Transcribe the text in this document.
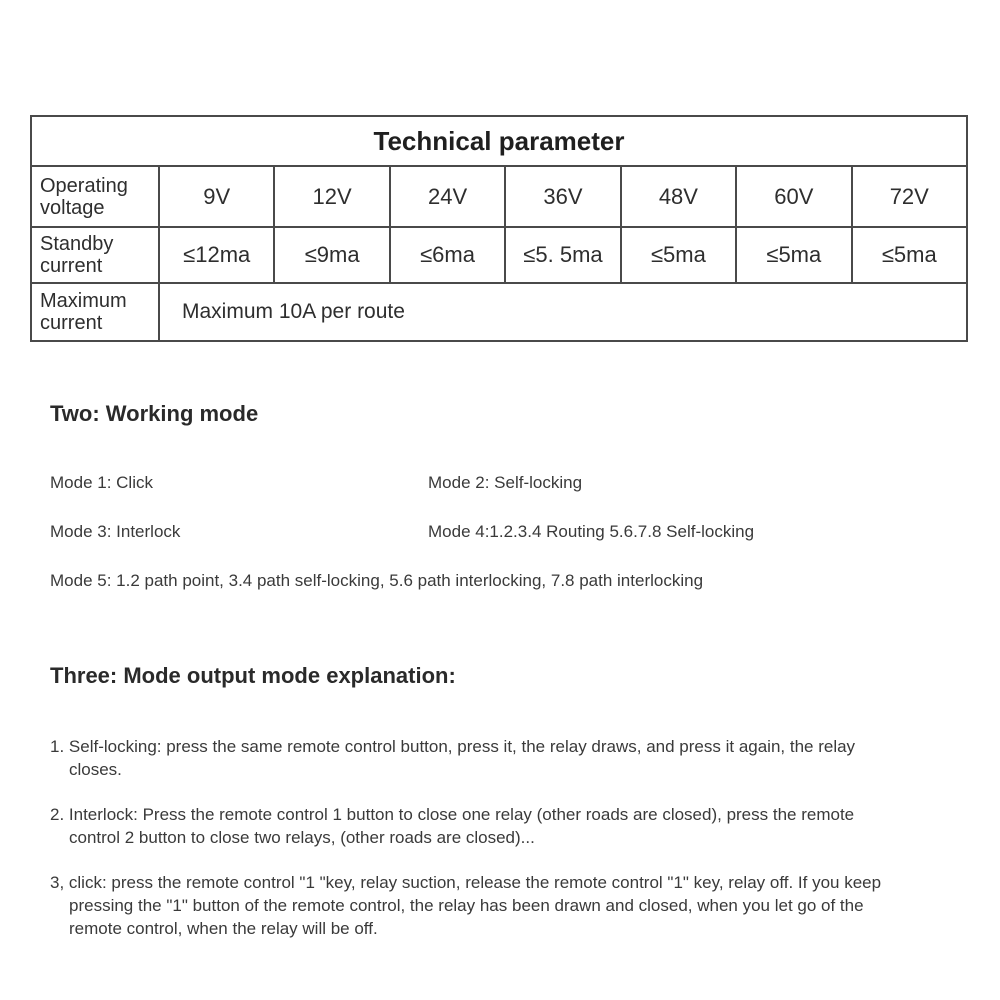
Technical parameter							
Operating voltage	9V	12V	24V	36V	48V	60V	72V
Standby current	≤12ma	≤9ma	≤6ma	≤5. 5ma	≤5ma	≤5ma	≤5ma
Maximum current	Maximum 10A per route						
Two: Working mode
Mode 1: Click	Mode 2: Self-locking
Mode 3: Interlock	Mode 4:1.2.3.4 Routing 5.6.7.8 Self-locking
Mode 5: 1.2 path point, 3.4 path self-locking, 5.6 path interlocking, 7.8 path interlocking
Three: Mode output mode explanation:
1. Self-locking: press the same remote control button, press it, the relay draws, and press it again, the relay closes.
2. Interlock: Press the remote control 1 button to close one relay (other roads are closed), press the remote control 2 button to close two relays, (other roads are closed)...
3, click: press the remote control "1 "key, relay suction, release the remote control "1" key, relay off. If you keep pressing the "1" button of the remote control, the relay has been drawn and closed, when you let go of the remote control, when the relay will be off.
